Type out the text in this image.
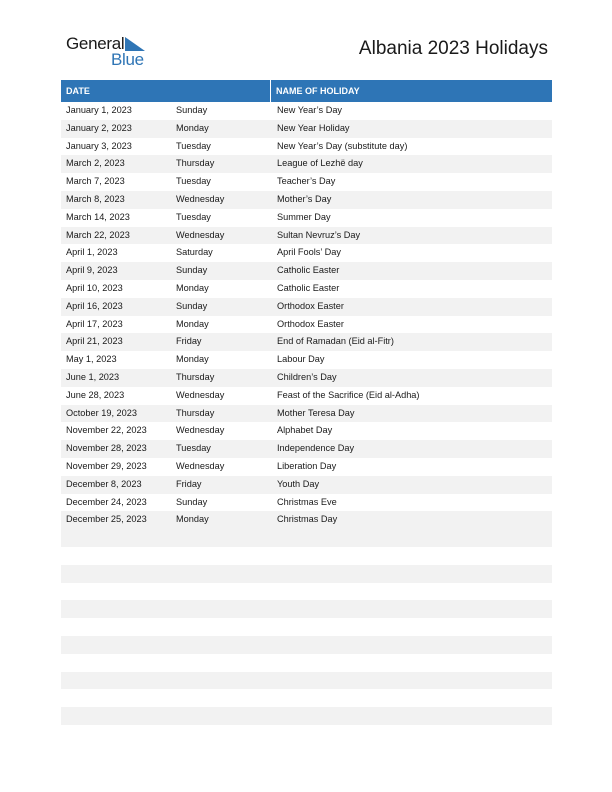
General
Blue
Albania 2023 Holidays
DATE	NAME OF HOLIDAY
January 1, 2023	Sunday	New Year’s Day
January 2, 2023	Monday	New Year Holiday
January 3, 2023	Tuesday	New Year’s Day (substitute day)
March 2, 2023	Thursday	League of Lezhë day
March 7, 2023	Tuesday	Teacher’s Day
March 8, 2023	Wednesday	Mother’s Day
March 14, 2023	Tuesday	Summer Day
March 22, 2023	Wednesday	Sultan Nevruz’s Day
April 1, 2023	Saturday	April Fools’ Day
April 9, 2023	Sunday	Catholic Easter
April 10, 2023	Monday	Catholic Easter
April 16, 2023	Sunday	Orthodox Easter
April 17, 2023	Monday	Orthodox Easter
April 21, 2023	Friday	End of Ramadan (Eid al-Fitr)
May 1, 2023	Monday	Labour Day
June 1, 2023	Thursday	Children’s Day
June 28, 2023	Wednesday	Feast of the Sacrifice (Eid al-Adha)
October 19, 2023	Thursday	Mother Teresa Day
November 22, 2023	Wednesday	Alphabet Day
November 28, 2023	Tuesday	Independence Day
November 29, 2023	Wednesday	Liberation Day
December 8, 2023	Friday	Youth Day
December 24, 2023	Sunday	Christmas Eve
December 25, 2023	Monday	Christmas Day
